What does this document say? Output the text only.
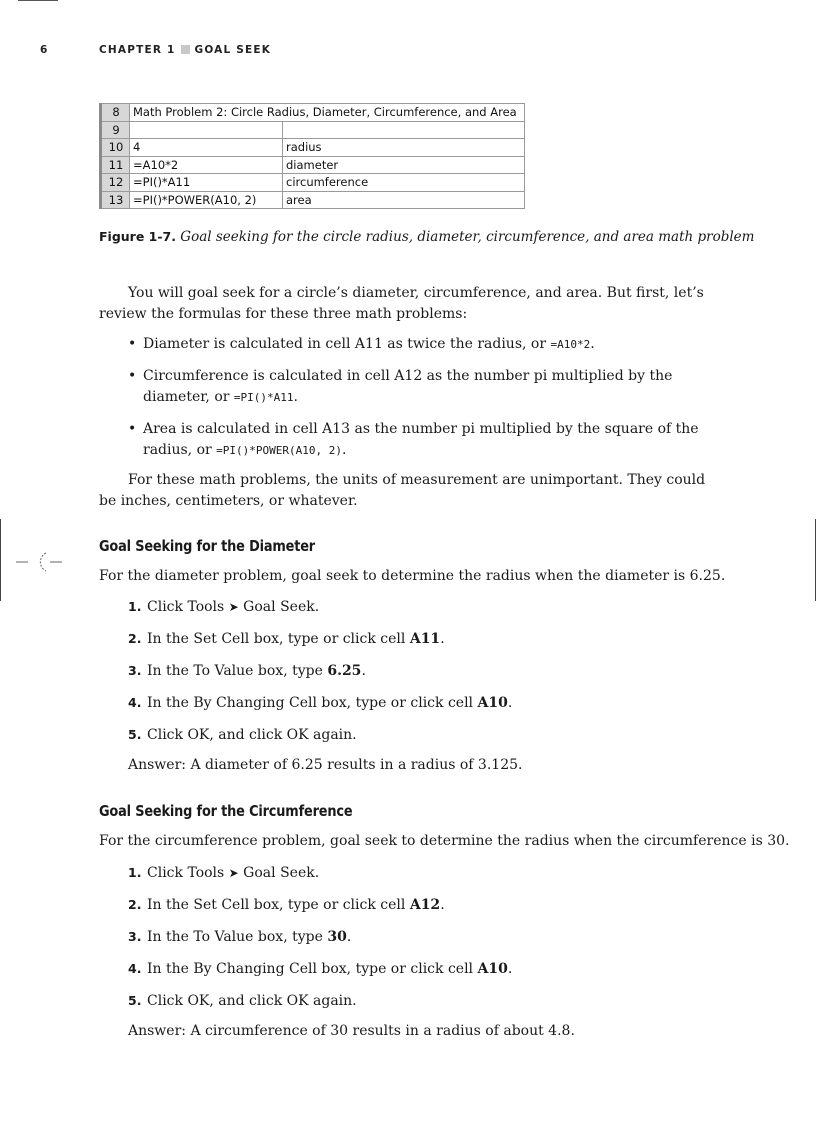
6	CHAPTER 1 GOAL SEEK
8	Math Problem 2: Circle Radius, Diameter, Circumference, and Area	
9		
10	4	radius
11	=A10*2	diameter
12	=PI()*A11	circumference
13	=PI()*POWER(A10, 2)	area
Figure 1-7. Goal seeking for the circle radius, diameter, circumference, and area math problem

You will goal seek for a circle’s diameter, circumference, and area. But first, let’s review the formulas for these three math problems:

• Diameter is calculated in cell A11 as twice the radius, or =A10*2.
• Circumference is calculated in cell A12 as the number pi multiplied by the diameter, or =PI()*A11.
• Area is calculated in cell A13 as the number pi multiplied by the square of the radius, or =PI()*POWER(A10, 2).

For these math problems, the units of measurement are unimportant. They could be inches, centimeters, or whatever.

Goal Seeking for the Diameter

For the diameter problem, goal seek to determine the radius when the diameter is 6.25.

1. Click Tools ➤ Goal Seek.
2. In the Set Cell box, type or click cell A11.
3. In the To Value box, type 6.25.
4. In the By Changing Cell box, type or click cell A10.
5. Click OK, and click OK again.
Answer: A diameter of 6.25 results in a radius of 3.125.
Goal Seeking for the Circumference

For the circumference problem, goal seek to determine the radius when the circumference is 30.

1. Click Tools ➤ Goal Seek.
2. In the Set Cell box, type or click cell A12.
3. In the To Value box, type 30.
4. In the By Changing Cell box, type or click cell A10.
5. Click OK, and click OK again.
Answer: A circumference of 30 results in a radius of about 4.8.
